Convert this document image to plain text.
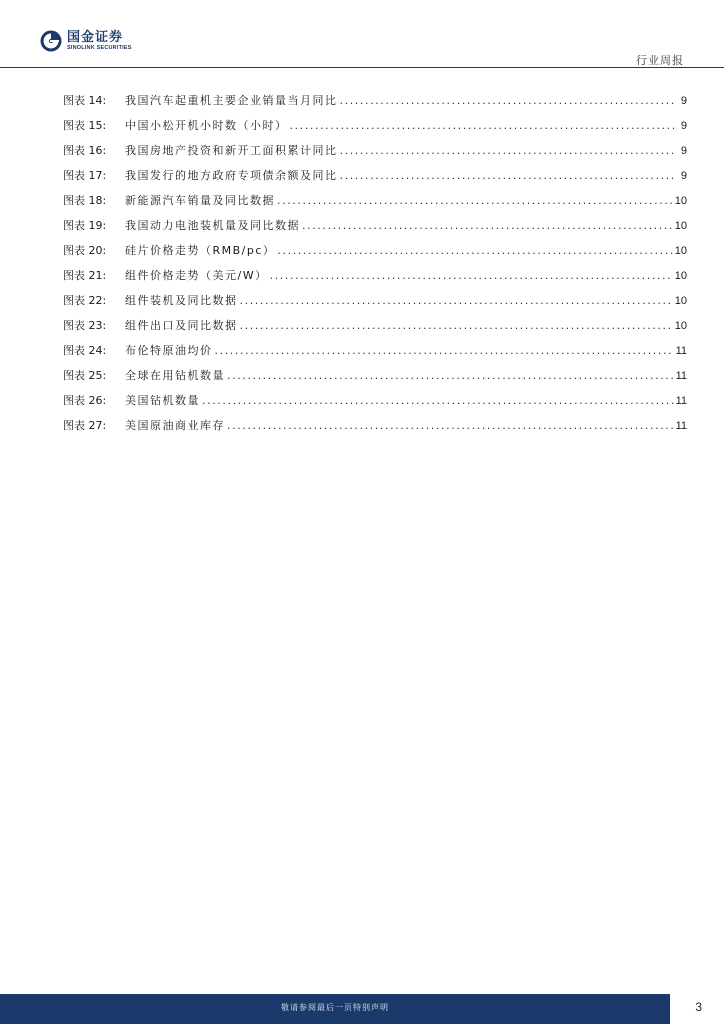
国金证券
SINOLINK SECURITIES
行业周报
图表 14:	我国汽车起重机主要企业销量当月同比 .....	9
图表 15:	中国小松开机小时数（小时） .....	9
图表 16:	我国房地产投资和新开工面积累计同比 .....	9
图表 17:	我国发行的地方政府专项债余额及同比 .....	9
图表 18:	新能源汽车销量及同比数据 .....	10
图表 19:	我国动力电池装机量及同比数据 .....	10
图表 20:	硅片价格走势（RMB/pc） .....	10
图表 21:	组件价格走势（美元/W） .....	10
图表 22:	组件装机及同比数据 .....	10
图表 23:	组件出口及同比数据 .....	10
图表 24:	布伦特原油均价 .....	11
图表 25:	全球在用钻机数量 .....	11
图表 26:	美国钻机数量 .....	11
图表 27:	美国原油商业库存 .....	11
敬请参阅最后一页特别声明	3
